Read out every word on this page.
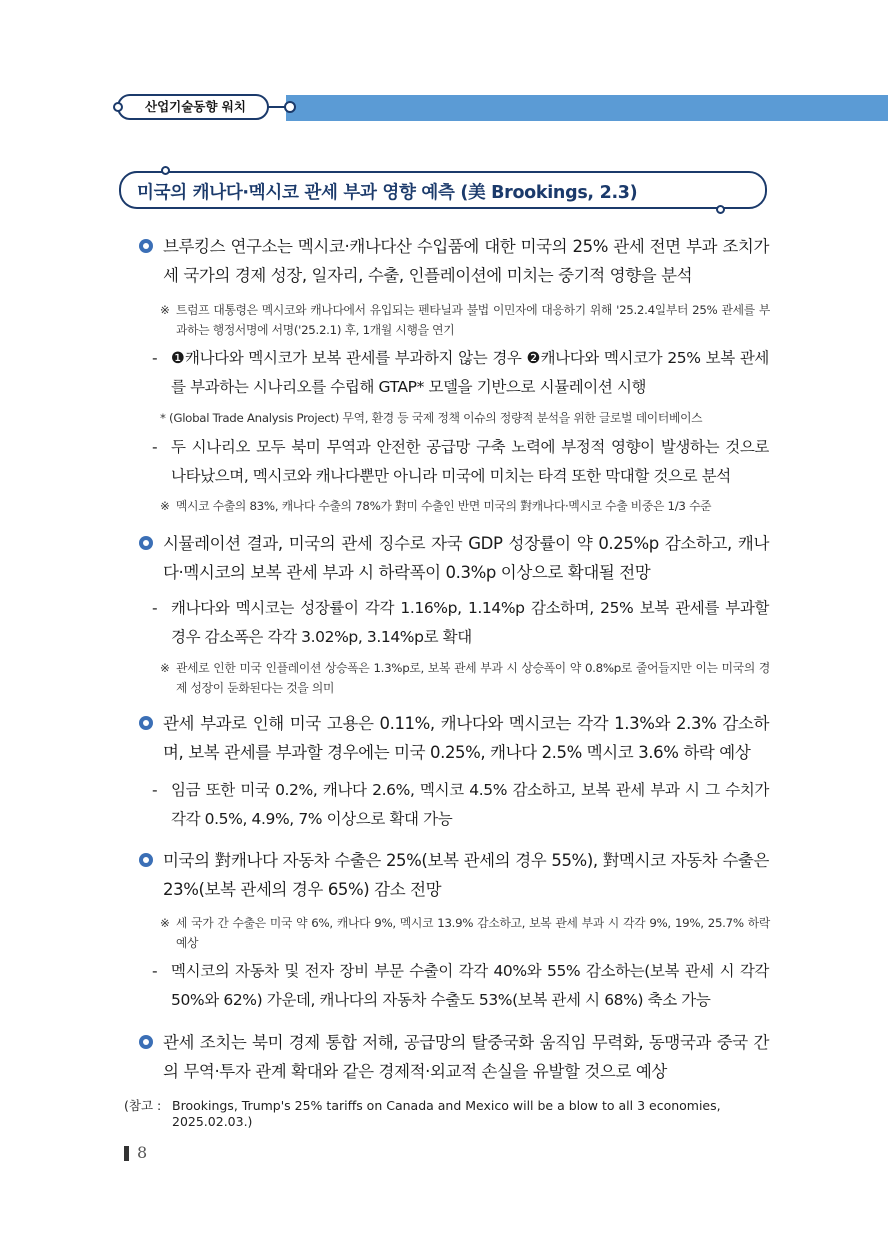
산업기술동향 워치
미국의 캐나다·멕시코 관세 부과 영향 예측 (美 Brookings, 2.3)
브루킹스 연구소는 멕시코·캐나다산 수입품에 대한 미국의 25% 관세 전면 부과 조치가 세 국가의 경제 성장, 일자리, 수출, 인플레이션에 미치는 중기적 영향을 분석
※ 트럼프 대통령은 멕시코와 캐나다에서 유입되는 펜타닐과 불법 이민자에 대응하기 위해 '25.2.4일부터 25% 관세를 부과하는 행정서명에 서명('25.2.1) 후, 1개월 시행을 연기
- ❶캐나다와 멕시코가 보복 관세를 부과하지 않는 경우 ❷캐나다와 멕시코가 25% 보복 관세를 부과하는 시나리오를 수립해 GTAP* 모델을 기반으로 시뮬레이션 시행
* (Global Trade Analysis Project) 무역, 환경 등 국제 정책 이슈의 정량적 분석을 위한 글로벌 데이터베이스
- 두 시나리오 모두 북미 무역과 안전한 공급망 구축 노력에 부정적 영향이 발생하는 것으로 나타났으며, 멕시코와 캐나다뿐만 아니라 미국에 미치는 타격 또한 막대할 것으로 분석
※ 멕시코 수출의 83%, 캐나다 수출의 78%가 對미 수출인 반면 미국의 對캐나다·멕시코 수출 비중은 1/3 수준
시뮬레이션 결과, 미국의 관세 징수로 자국 GDP 성장률이 약 0.25%p 감소하고, 캐나다·멕시코의 보복 관세 부과 시 하락폭이 0.3%p 이상으로 확대될 전망
- 캐나다와 멕시코는 성장률이 각각 1.16%p, 1.14%p 감소하며, 25% 보복 관세를 부과할 경우 감소폭은 각각 3.02%p, 3.14%p로 확대
※ 관세로 인한 미국 인플레이션 상승폭은 1.3%p로, 보복 관세 부과 시 상승폭이 약 0.8%p로 줄어들지만 이는 미국의 경제 성장이 둔화된다는 것을 의미
관세 부과로 인해 미국 고용은 0.11%, 캐나다와 멕시코는 각각 1.3%와 2.3% 감소하며, 보복 관세를 부과할 경우에는 미국 0.25%, 캐나다 2.5% 멕시코 3.6% 하락 예상
- 임금 또한 미국 0.2%, 캐나다 2.6%, 멕시코 4.5% 감소하고, 보복 관세 부과 시 그 수치가 각각 0.5%, 4.9%, 7% 이상으로 확대 가능
미국의 對캐나다 자동차 수출은 25%(보복 관세의 경우 55%), 對멕시코 자동차 수출은 23%(보복 관세의 경우 65%) 감소 전망
※ 세 국가 간 수출은 미국 약 6%, 캐나다 9%, 멕시코 13.9% 감소하고, 보복 관세 부과 시 각각 9%, 19%, 25.7% 하락 예상
- 멕시코의 자동차 및 전자 장비 부문 수출이 각각 40%와 55% 감소하는(보복 관세 시 각각 50%와 62%) 가운데, 캐나다의 자동차 수출도 53%(보복 관세 시 68%) 축소 가능
관세 조치는 북미 경제 통합 저해, 공급망의 탈중국화 움직임 무력화, 동맹국과 중국 간의 무역·투자 관계 확대와 같은 경제적·외교적 손실을 유발할 것으로 예상
(참고 : Brookings, Trump's 25% tariffs on Canada and Mexico will be a blow to all 3 economies, 2025.02.03.)
8
